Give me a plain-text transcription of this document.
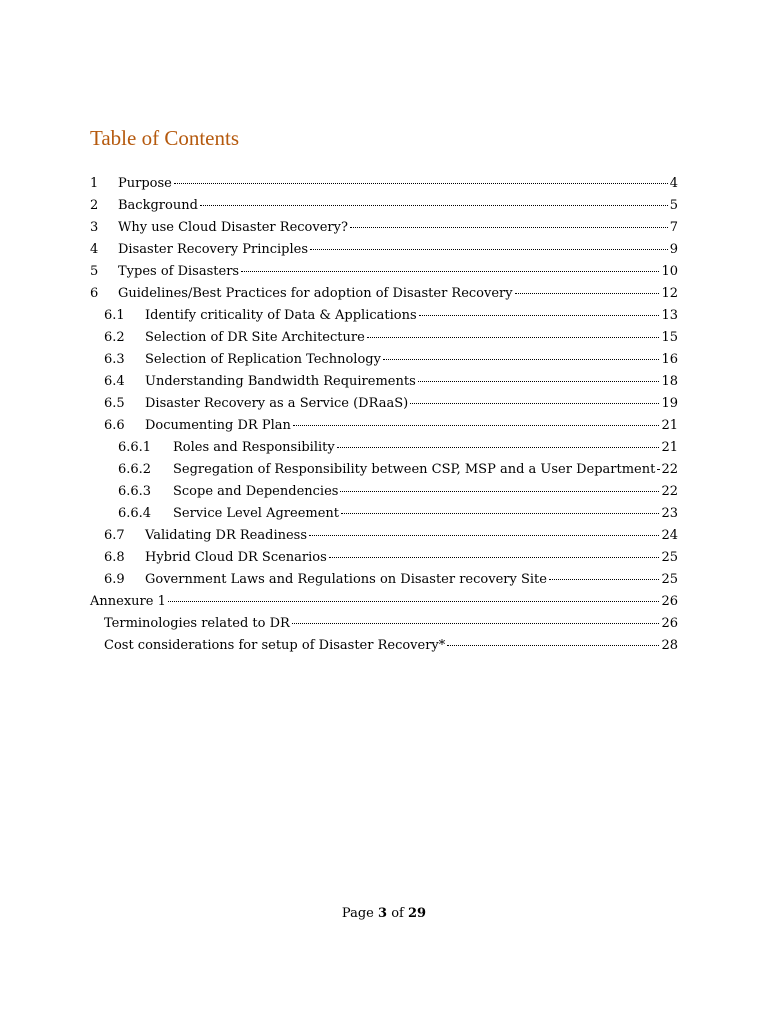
Table of Contents
1	Purpose	4
2	Background	5
3	Why use Cloud Disaster Recovery?	7
4	Disaster Recovery Principles	9
5	Types of Disasters	10
6	Guidelines/Best Practices for adoption of Disaster Recovery	12
6.1	Identify criticality of Data & Applications	13
6.2	Selection of DR Site Architecture	15
6.3	Selection of Replication Technology	16
6.4	Understanding Bandwidth Requirements	18
6.5	Disaster Recovery as a Service (DRaaS)	19
6.6	Documenting DR Plan	21
6.6.1	Roles and Responsibility	21
6.6.2	Segregation of Responsibility between CSP, MSP and a User Department 22
6.6.3	Scope and Dependencies	22
6.6.4	Service Level Agreement	23
6.7	Validating DR Readiness	24
6.8	Hybrid Cloud DR Scenarios	25
6.9	Government Laws and Regulations on Disaster recovery Site	25
Annexure 1	26
Terminologies related to DR	26
Cost considerations for setup of Disaster Recovery*	28
Page 3 of 29
